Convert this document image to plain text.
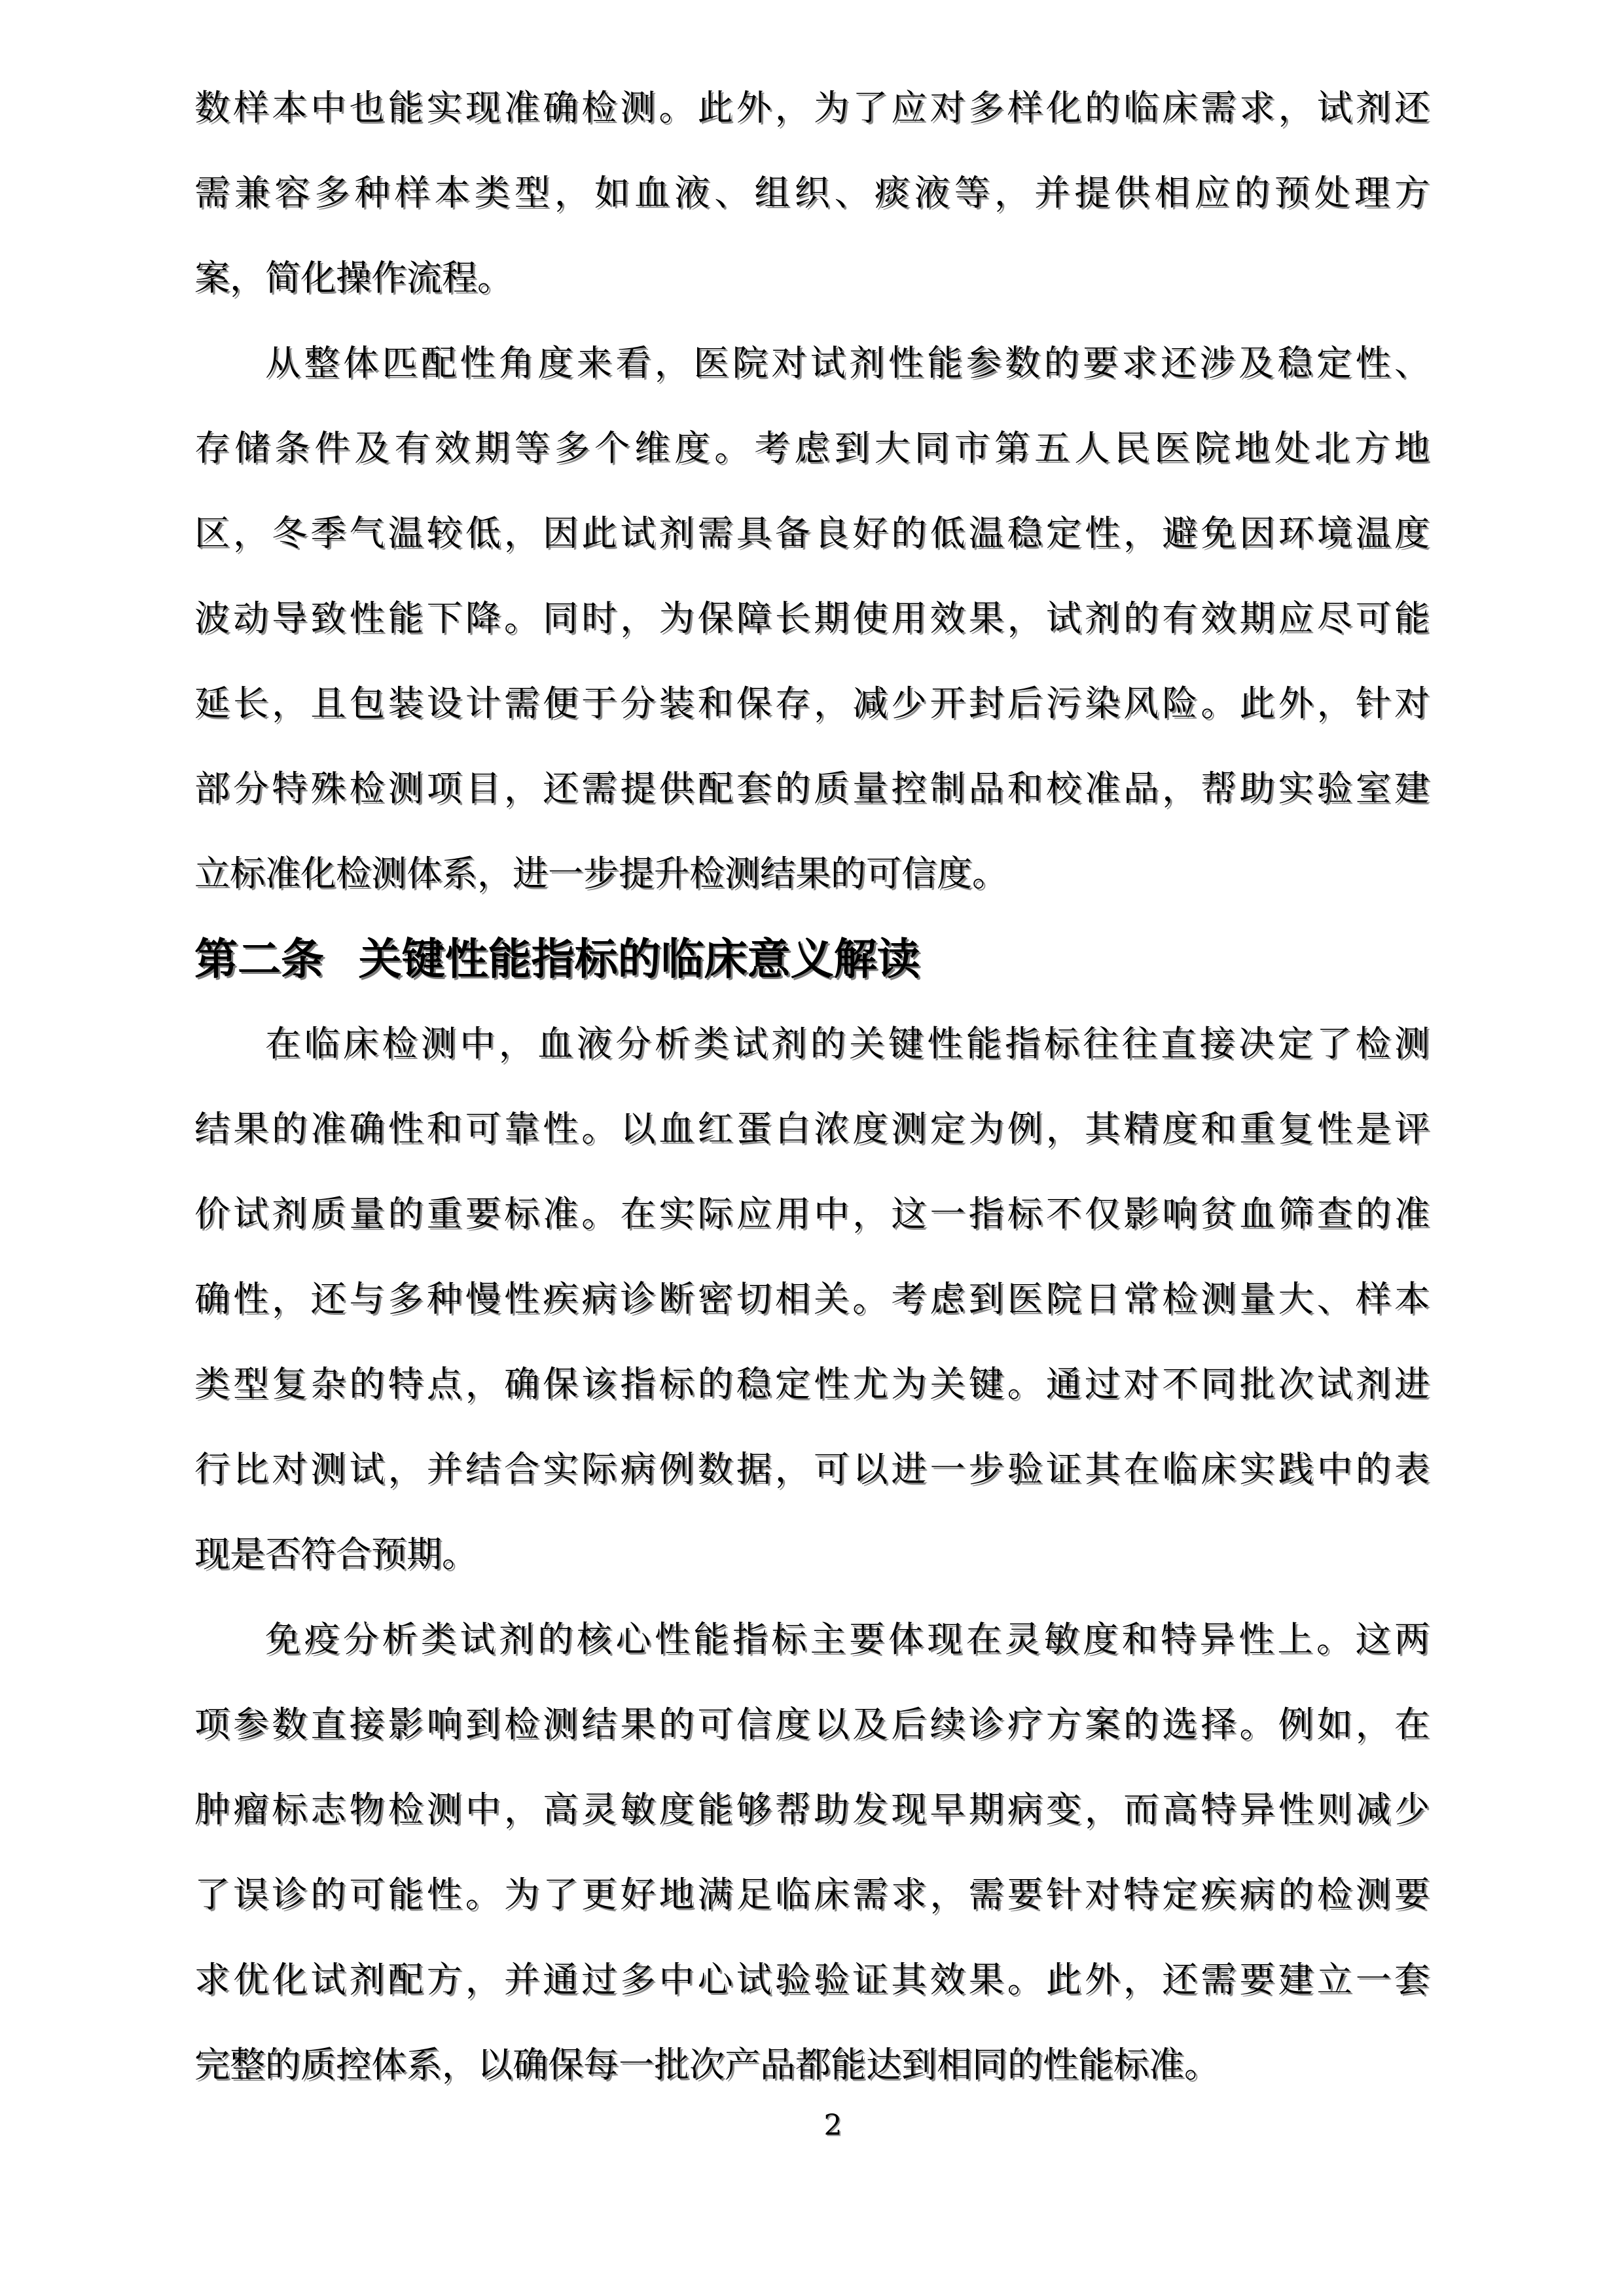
数样本中也能实现准确检测。此外，为了应对多样化的临床需求，试剂还
需兼容多种样本类型，如血液、组织、痰液等，并提供相应的预处理方
案，简化操作流程。
从整体匹配性角度来看，医院对试剂性能参数的要求还涉及稳定性、
存储条件及有效期等多个维度。考虑到大同市第五人民医院地处北方地
区，冬季气温较低，因此试剂需具备良好的低温稳定性，避免因环境温度
波动导致性能下降。同时，为保障长期使用效果，试剂的有效期应尽可能
延长，且包装设计需便于分装和保存，减少开封后污染风险。此外，针对
部分特殊检测项目，还需提供配套的质量控制品和校准品，帮助实验室建
立标准化检测体系，进一步提升检测结果的可信度。
第二条 关键性能指标的临床意义解读
在临床检测中，血液分析类试剂的关键性能指标往往直接决定了检测
结果的准确性和可靠性。以血红蛋白浓度测定为例，其精度和重复性是评
价试剂质量的重要标准。在实际应用中，这一指标不仅影响贫血筛查的准
确性，还与多种慢性疾病诊断密切相关。考虑到医院日常检测量大、样本
类型复杂的特点，确保该指标的稳定性尤为关键。通过对不同批次试剂进
行比对测试，并结合实际病例数据，可以进一步验证其在临床实践中的表
现是否符合预期。
免疫分析类试剂的核心性能指标主要体现在灵敏度和特异性上。这两
项参数直接影响到检测结果的可信度以及后续诊疗方案的选择。例如，在
肿瘤标志物检测中，高灵敏度能够帮助发现早期病变，而高特异性则减少
了误诊的可能性。为了更好地满足临床需求，需要针对特定疾病的检测要
求优化试剂配方，并通过多中心试验验证其效果。此外，还需要建立一套
完整的质控体系，以确保每一批次产品都能达到相同的性能标准。
2
